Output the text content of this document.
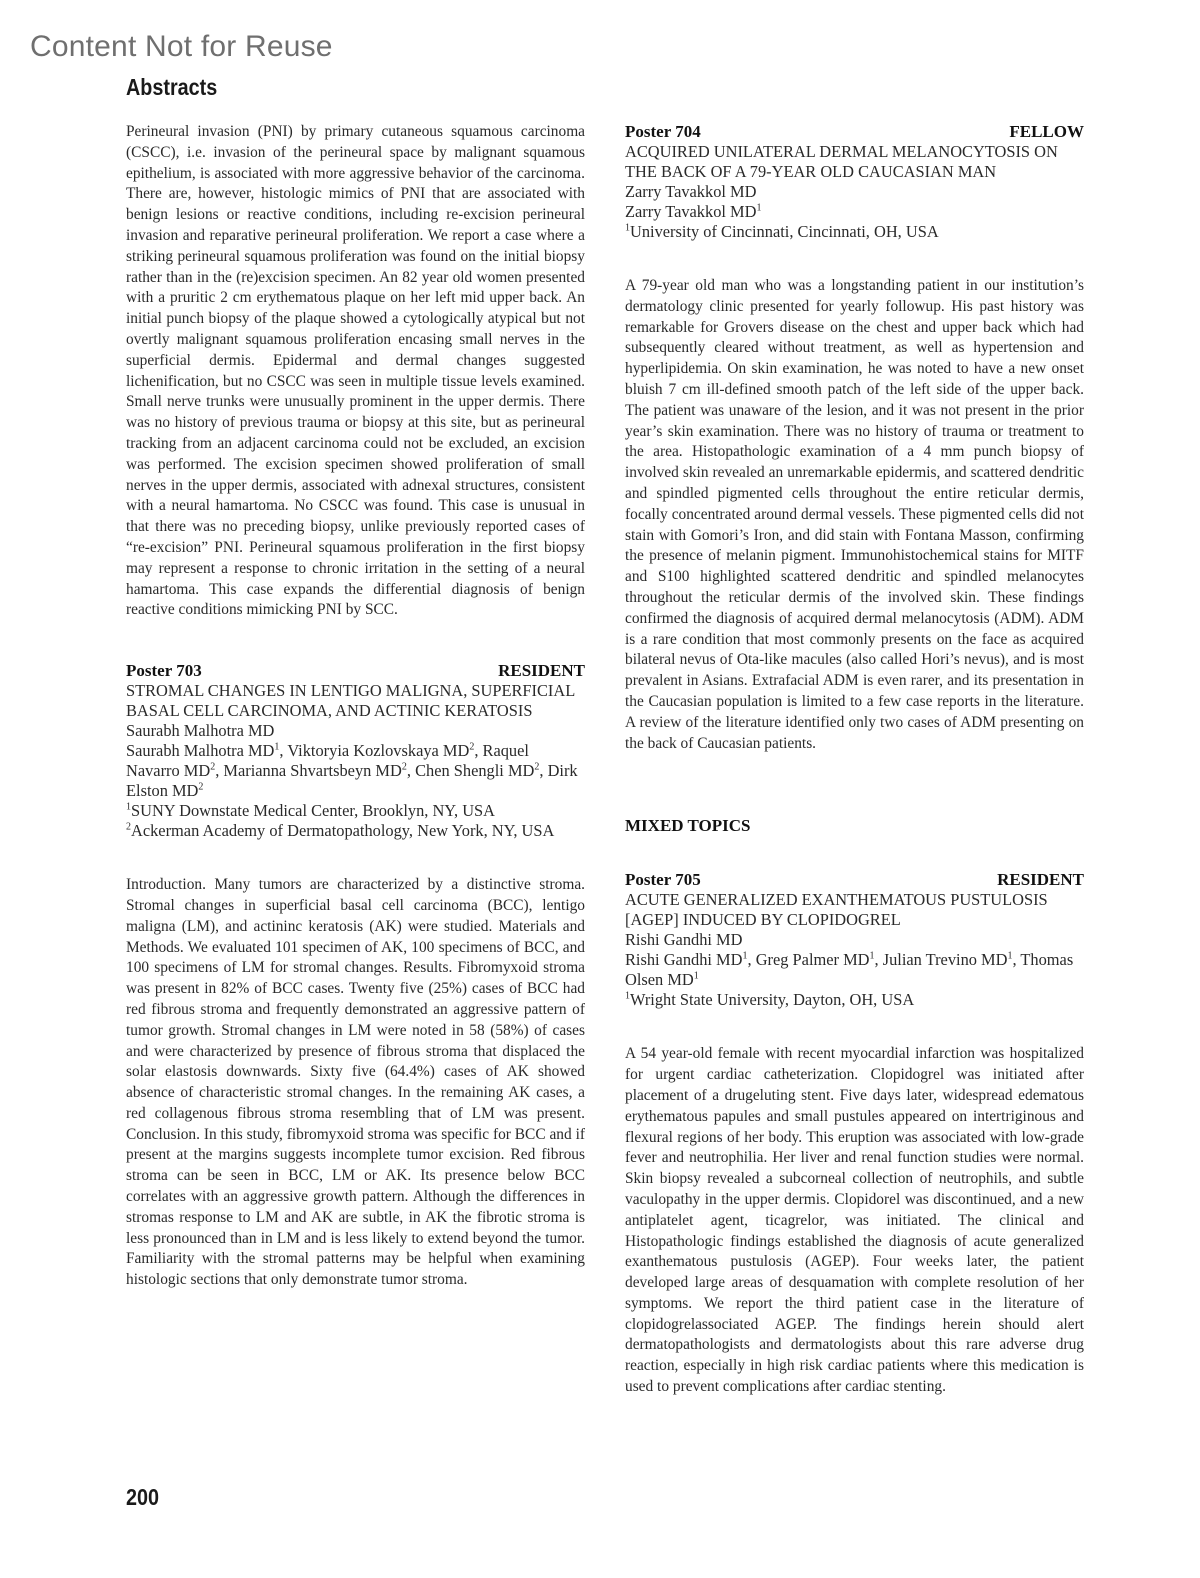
Content Not for Reuse
Abstracts

Perineural invasion (PNI) by primary cutaneous squamous carcinoma (CSCC), i.e. invasion of the perineural space by malignant squamous epithelium, is associated with more aggressive behavior of the carcinoma. There are, however, histologic mimics of PNI that are associated with benign lesions or reactive conditions, including re-excision perineural invasion and reparative perineural proliferation. We report a case where a striking perineural squamous proliferation was found on the initial biopsy rather than in the (re)excision specimen. An 82 year old women presented with a pruritic 2 cm erythematous plaque on her left mid upper back. An initial punch biopsy of the plaque showed a cytologically atypical but not overtly malignant squamous proliferation encasing small nerves in the superficial dermis. Epidermal and dermal changes suggested lichenification, but no CSCC was seen in multiple tissue levels examined. Small nerve trunks were unusually prominent in the upper dermis. There was no history of previous trauma or biopsy at this site, but as perineural tracking from an adjacent carcinoma could not be excluded, an excision was performed. The excision specimen showed proliferation of small nerves in the upper dermis, associated with adnexal structures, consistent with a neural hamartoma. No CSCC was found. This case is unusual in that there was no preceding biopsy, unlike previously reported cases of “re-excision” PNI. Perineural squamous proliferation in the first biopsy may represent a response to chronic irritation in the setting of a neural hamartoma. This case expands the differential diagnosis of benign reactive conditions mimicking PNI by SCC.

Poster 703	RESIDENT
STROMAL CHANGES IN LENTIGO MALIGNA, SUPERFICIAL BASAL CELL CARCINOMA, AND ACTINIC KERATOSIS
Saurabh Malhotra MD
Saurabh Malhotra $MD^1$, Viktoryia Kozlovskaya $MD^2$, Raquel Navarro $MD^2$, Marianna Shvartsbeyn $MD^2$, Chen Shengli $MD^2$, Dirk Elston $MD^2$
$^1$SUNY Downstate Medical Center, Brooklyn, NY, USA
$^2$Ackerman Academy of Dermatopathology, New York, NY, USA

Introduction. Many tumors are characterized by a distinctive stroma. Stromal changes in superficial basal cell carcinoma (BCC), lentigo maligna (LM), and actininc keratosis (AK) were studied. Materials and Methods. We evaluated 101 specimen of AK, 100 specimens of BCC, and 100 specimens of LM for stromal changes. Results. Fibromyxoid stroma was present in 82% of BCC cases. Twenty five (25%) cases of BCC had red fibrous stroma and frequently demonstrated an aggressive pattern of tumor growth. Stromal changes in LM were noted in 58 (58%) of cases and were characterized by presence of fibrous stroma that displaced the solar elastosis downwards. Sixty five (64.4%) cases of AK showed absence of characteristic stromal changes. In the remaining AK cases, a red collagenous fibrous stroma resembling that of LM was present. Conclusion. In this study, fibromyxoid stroma was specific for BCC and if present at the margins suggests incomplete tumor excision. Red fibrous stroma can be seen in BCC, LM or AK. Its presence below BCC correlates with an aggressive growth pattern. Although the differences in stromas response to LM and AK are subtle, in AK the fibrotic stroma is less pronounced than in LM and is less likely to extend beyond the tumor. Familiarity with the stromal patterns may be helpful when examining histologic sections that only demonstrate tumor stroma.

Poster 704	FELLOW
ACQUIRED UNILATERAL DERMAL MELANOCYTOSIS ON THE BACK OF A 79-YEAR OLD CAUCASIAN MAN
Zarry Tavakkol MD
Zarry Tavakkol $MD^1$
$^1$University of Cincinnati, Cincinnati, OH, USA

A 79-year old man who was a longstanding patient in our institution’s dermatology clinic presented for yearly followup. His past history was remarkable for Grovers disease on the chest and upper back which had subsequently cleared without treatment, as well as hypertension and hyperlipidemia. On skin examination, he was noted to have a new onset bluish 7 cm ill-defined smooth patch of the left side of the upper back. The patient was unaware of the lesion, and it was not present in the prior year’s skin examination. There was no history of trauma or treatment to the area. Histopathologic examination of a 4 mm punch biopsy of involved skin revealed an unremarkable epidermis, and scattered dendritic and spindled pigmented cells throughout the entire reticular dermis, focally concentrated around dermal vessels. These pigmented cells did not stain with Gomori’s Iron, and did stain with Fontana Masson, confirming the presence of melanin pigment. Immunohistochemical stains for MITF and S100 highlighted scattered dendritic and spindled melanocytes throughout the reticular dermis of the involved skin. These findings confirmed the diagnosis of acquired dermal melanocytosis (ADM). ADM is a rare condition that most commonly presents on the face as acquired bilateral nevus of Ota-like macules (also called Hori’s nevus), and is most prevalent in Asians. Extrafacial ADM is even rarer, and its presentation in the Caucasian population is limited to a few case reports in the literature. A review of the literature identified only two cases of ADM presenting on the back of Caucasian patients.

MIXED TOPICS
Poster 705	RESIDENT
ACUTE GENERALIZED EXANTHEMATOUS PUSTULOSIS [AGEP] INDUCED BY CLOPIDOGREL
Rishi Gandhi MD
Rishi Gandhi $MD^1$, Greg Palmer $MD^1$, Julian Trevino $MD^1$, Thomas Olsen $MD^1$
$^1$Wright State University, Dayton, OH, USA

A 54 year-old female with recent myocardial infarction was hospitalized for urgent cardiac catheterization. Clopidogrel was initiated after placement of a drugeluting stent. Five days later, widespread edematous erythematous papules and small pustules appeared on intertriginous and flexural regions of her body. This eruption was associated with low-grade fever and neutrophilia. Her liver and renal function studies were normal. Skin biopsy revealed a subcorneal collection of neutrophils, and subtle vaculopathy in the upper dermis. Clopidorel was discontinued, and a new antiplatelet agent, ticagrelor, was initiated. The clinical and Histopathologic findings established the diagnosis of acute generalized exanthematous pustulosis (AGEP). Four weeks later, the patient developed large areas of desquamation with complete resolution of her symptoms. We report the third patient case in the literature of clopidogrelassociated AGEP. The findings herein should alert dermatopathologists and dermatologists about this rare adverse drug reaction, especially in high risk cardiac patients where this medication is used to prevent complications after cardiac stenting.

200
